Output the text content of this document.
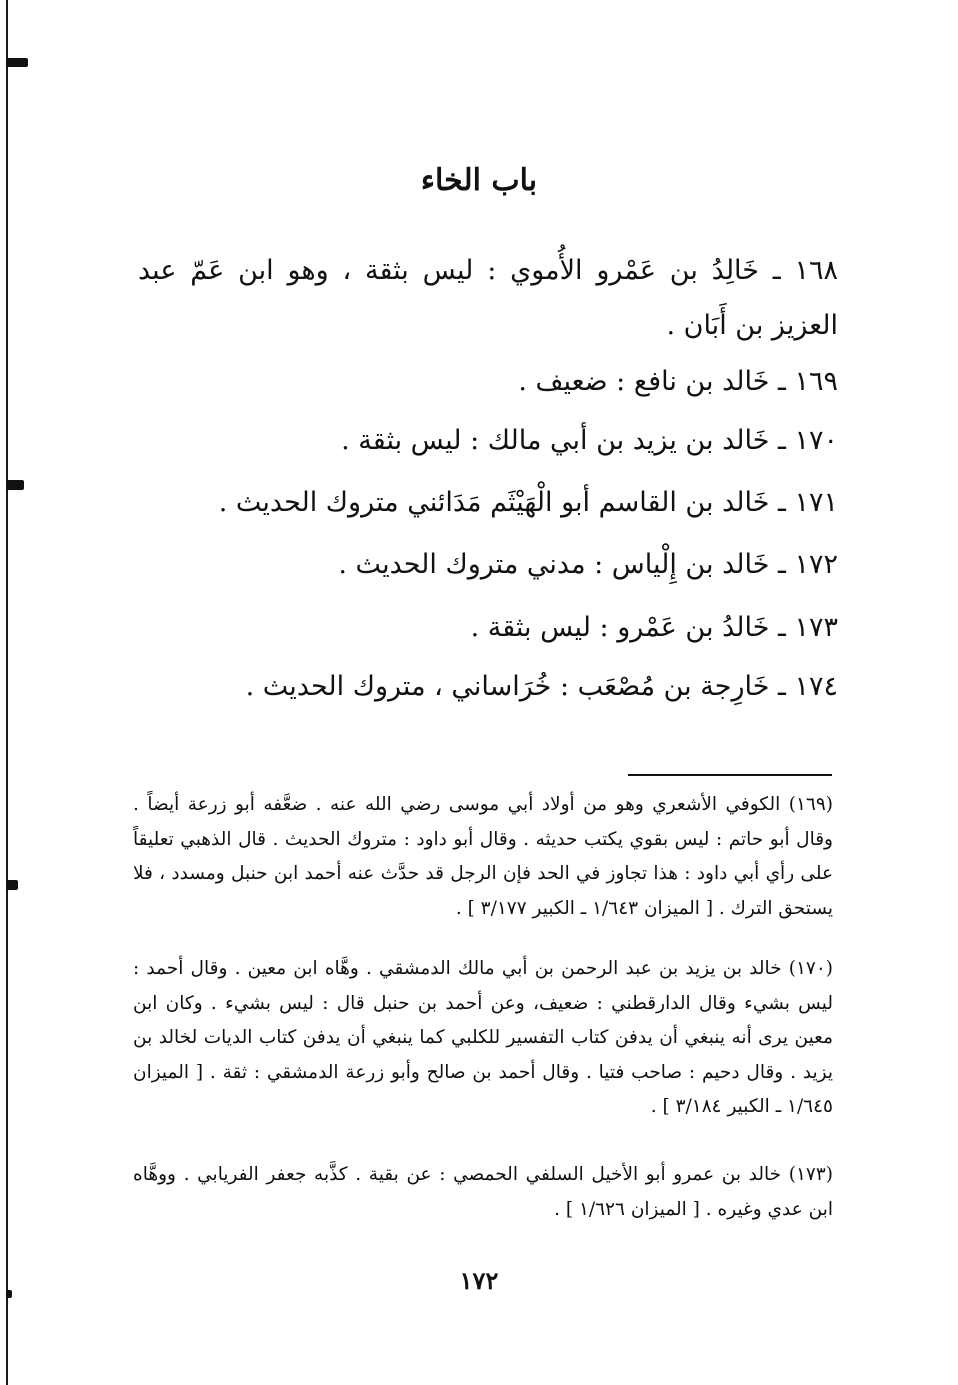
باب الخاء
١٦٨ ـ خَالِدُ بن عَمْرو الأُموي : ليس بثقة ، وهو ابن عَمّ عبد العزيز بن أَبَان .
١٦٩ ـ خَالد بن نافع : ضعيف .
١٧٠ ـ خَالد بن يزيد بن أبي مالك : ليس بثقة .
١٧١ ـ خَالد بن القاسم أبو الْهَيْثَم مَدَائني متروك الحديث .
١٧٢ ـ خَالد بن إِلْياس : مدني متروك الحديث .
١٧٣ ـ خَالدُ بن عَمْرو : ليس بثقة .
١٧٤ ـ خَارِجة بن مُصْعَب : خُرَاساني ، متروك الحديث .
(١٦٩) الكوفي الأشعري وهو من أولاد أبي موسى رضي الله عنه . ضعَّفه أبو زرعة أيضاً . وقال أبو حاتم : ليس بقوي يكتب حديثه . وقال أبو داود : متروك الحديث . قال الذهبي تعليقاً على رأي أبي داود : هذا تجاوز في الحد فإن الرجل قد حدَّث عنه أحمد ابن حنبل ومسدد ، فلا يستحق الترك . [ الميزان ١/٦٤٣ ـ الكبير ٣/١٧٧ ] .
(١٧٠) خالد بن يزيد بن عبد الرحمن بن أبي مالك الدمشقي . وهَّاه ابن معين . وقال أحمد : ليس بشيء وقال الدارقطني : ضعيف، وعن أحمد بن حنبل قال : ليس بشيء . وكان ابن معين يرى أنه ينبغي أن يدفن كتاب التفسير للكلبي كما ينبغي أن يدفن كتاب الديات لخالد بن يزيد . وقال دحيم : صاحب فتيا . وقال أحمد بن صالح وأبو زرعة الدمشقي : ثقة . [ الميزان ١/٦٤٥ ـ الكبير ٣/١٨٤ ] .
(١٧٣) خالد بن عمرو أبو الأخيل السلفي الحمصي : عن بقية . كذَّبه جعفر الفريابي . ووهَّاه ابن عدي وغيره . [ الميزان ١/٦٢٦ ] .
١٧٢
